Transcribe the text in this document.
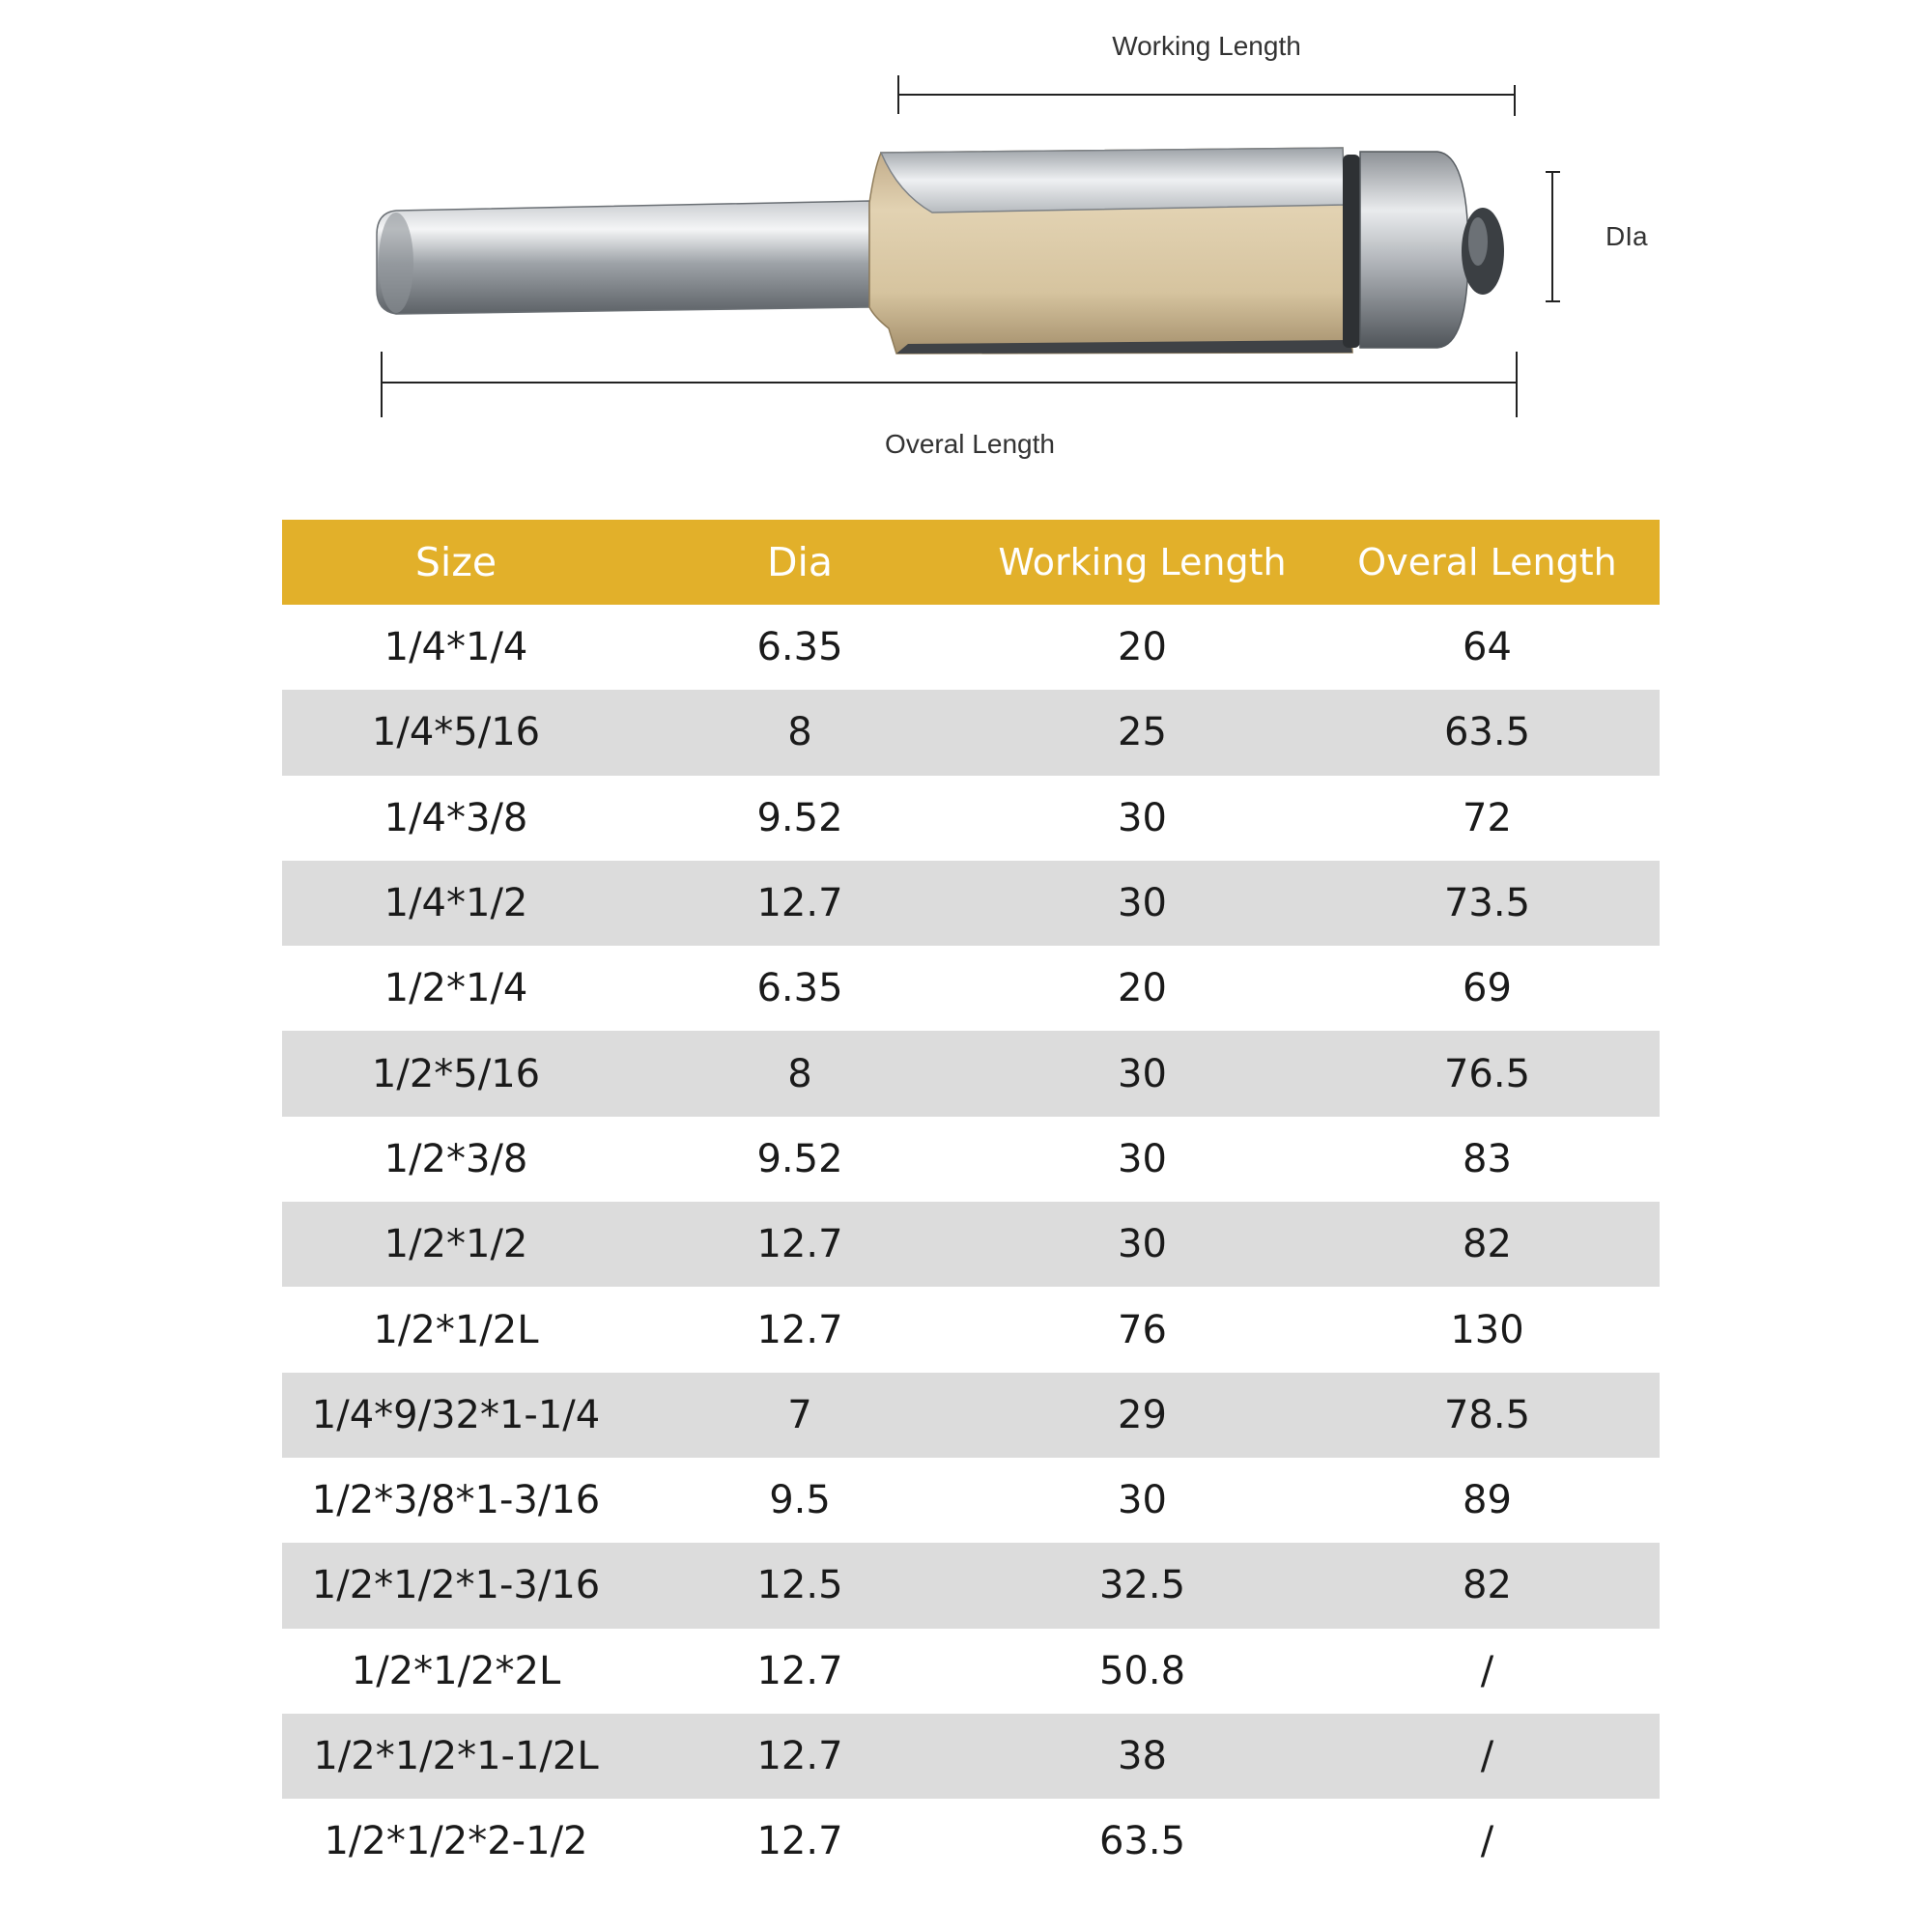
Working Length
DIa
Overal Length
Size	Dia	Working Length	Overal Length
1/4*1/4	6.35	20	64
1/4*5/16	8	25	63.5
1/4*3/8	9.52	30	72
1/4*1/2	12.7	30	73.5
1/2*1/4	6.35	20	69
1/2*5/16	8	30	76.5
1/2*3/8	9.52	30	83
1/2*1/2	12.7	30	82
1/2*1/2L	12.7	76	130
1/4*9/32*1-1/4	7	29	78.5
1/2*3/8*1-3/16	9.5	30	89
1/2*1/2*1-3/16	12.5	32.5	82
1/2*1/2*2L	12.7	50.8	/
1/2*1/2*1-1/2L	12.7	38	/
1/2*1/2*2-1/2	12.7	63.5	/
